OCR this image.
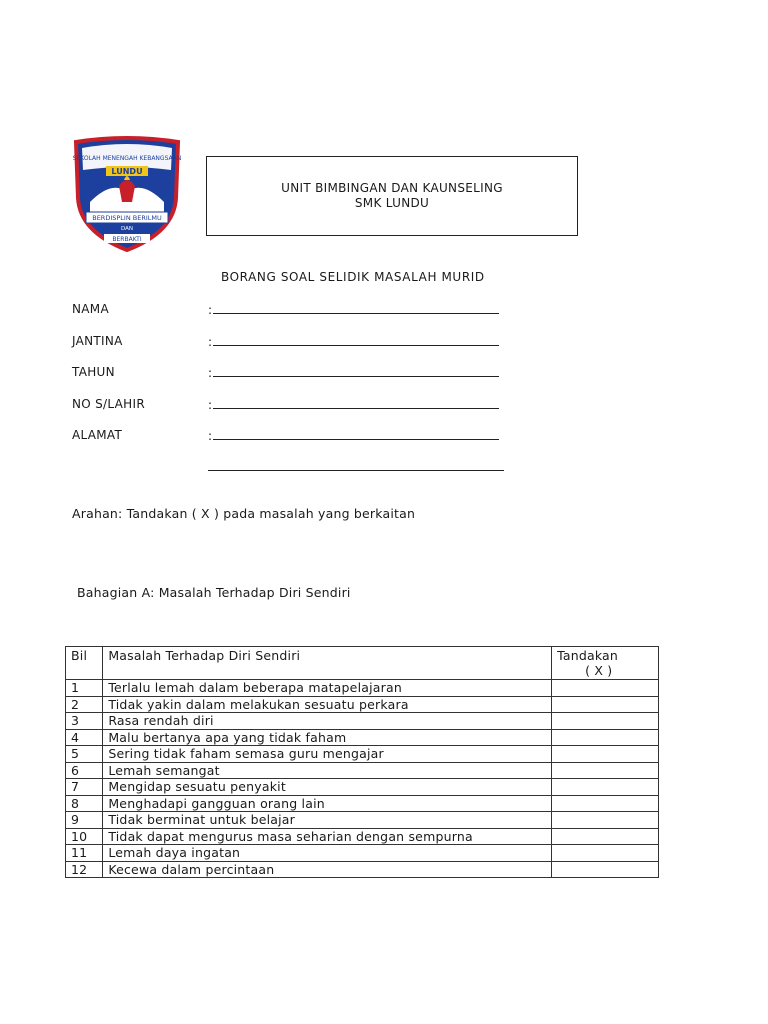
SEKOLAH MENENGAH KEBANGSAAN
LUNDU
BERDISPLIN BERILMU
DAN
BERBAKTI
UNIT BIMBINGAN DAN KAUNSELING
SMK LUNDU
BORANG SOAL SELIDIK MASALAH MURID
NAMA	:
JANTINA	:
TAHUN	:
NO S/LAHIR	:
ALAMAT	:
Arahan: Tandakan ( X ) pada masalah yang berkaitan
Bahagian A: Masalah Terhadap Diri Sendiri
Bil	Masalah Terhadap Diri Sendiri	Tandakan
( X )

1	Terlalu lemah dalam beberapa matapelajaran	
2	Tidak yakin dalam melakukan sesuatu perkara	
3	Rasa rendah diri	
4	Malu bertanya apa yang tidak faham	
5	Sering tidak faham semasa guru mengajar	
6	Lemah semangat	
7	Mengidap sesuatu penyakit	
8	Menghadapi gangguan orang lain	
9	Tidak berminat untuk belajar	
10	Tidak dapat mengurus masa seharian dengan sempurna	
11	Lemah daya ingatan	
12	Kecewa dalam percintaan	
